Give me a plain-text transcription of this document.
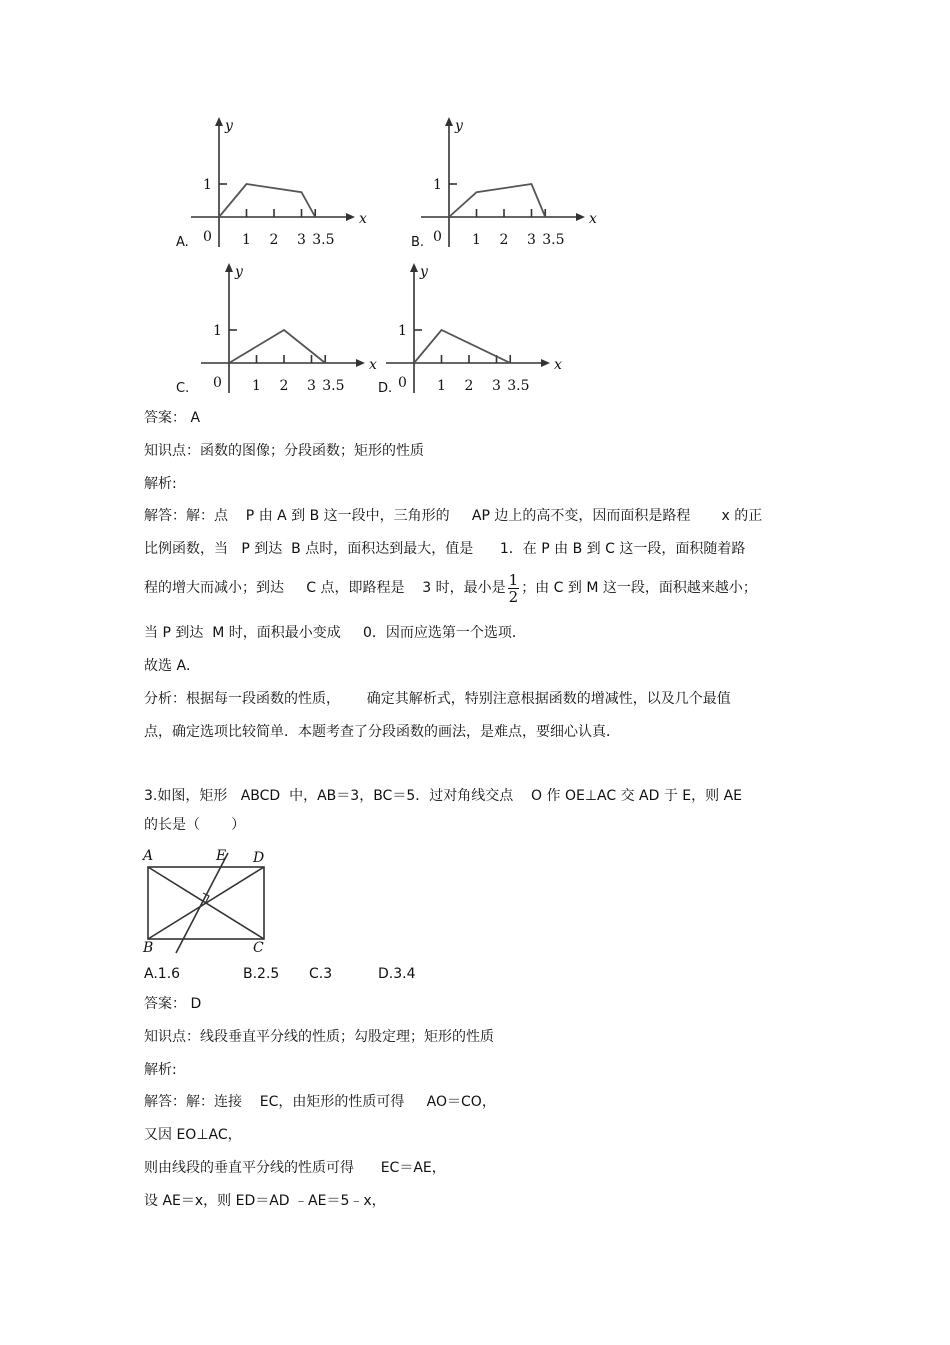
A.
y
x
0
1
1 2 3 3.5	B.
y
x
0
1
1 2 3 3.5
C.
y
x
0
1
1 2 3 3.5	D.
y
x
0
1
1 2 3 3.5
答案： A
知识点：函数的图像；分段函数；矩形的性质
解析:
解答：解：点    P 由 A 到 B 这一段中，三角形的     AP 边上的高不变，因而面积是路程       x 的正
比例函数，当   P 到达  B 点时，面积达到最大，值是      1．在 P 由 B 到 C 这一段，面积随着路
程的增大而减小；到达     C 点，即路程是    3 时，最小是 $\frac{1}{2}$ ；由 C 到 M 这一段，面积越来越小；
当 P 到达  M 时，面积最小变成     0．因而应选第一个选项．
故选 A．
分析：根据每一段函数的性质，      确定其解析式，特别注意根据函数的增减性，以及几个最值
点，确定选项比较简单．本题考查了分段函数的画法，是难点，要细心认真．
3.如图，矩形   ABCD  中，AB＝3，BC＝5．过对角线交点    O 作 OE⊥AC 交 AD 于 E，则 AE
的长是（       ）
A	E D
B	C
A.1.6	B.2.5 C.3	D.3.4
答案： D
知识点：线段垂直平分线的性质；勾股定理；矩形的性质
解析:
解答：解：连接    EC，由矩形的性质可得     AO＝CO，
又因 EO⊥AC，
则由线段的垂直平分线的性质可得      EC＝AE，
设 AE＝x，则 ED＝AD ﹣AE＝5﹣x，
